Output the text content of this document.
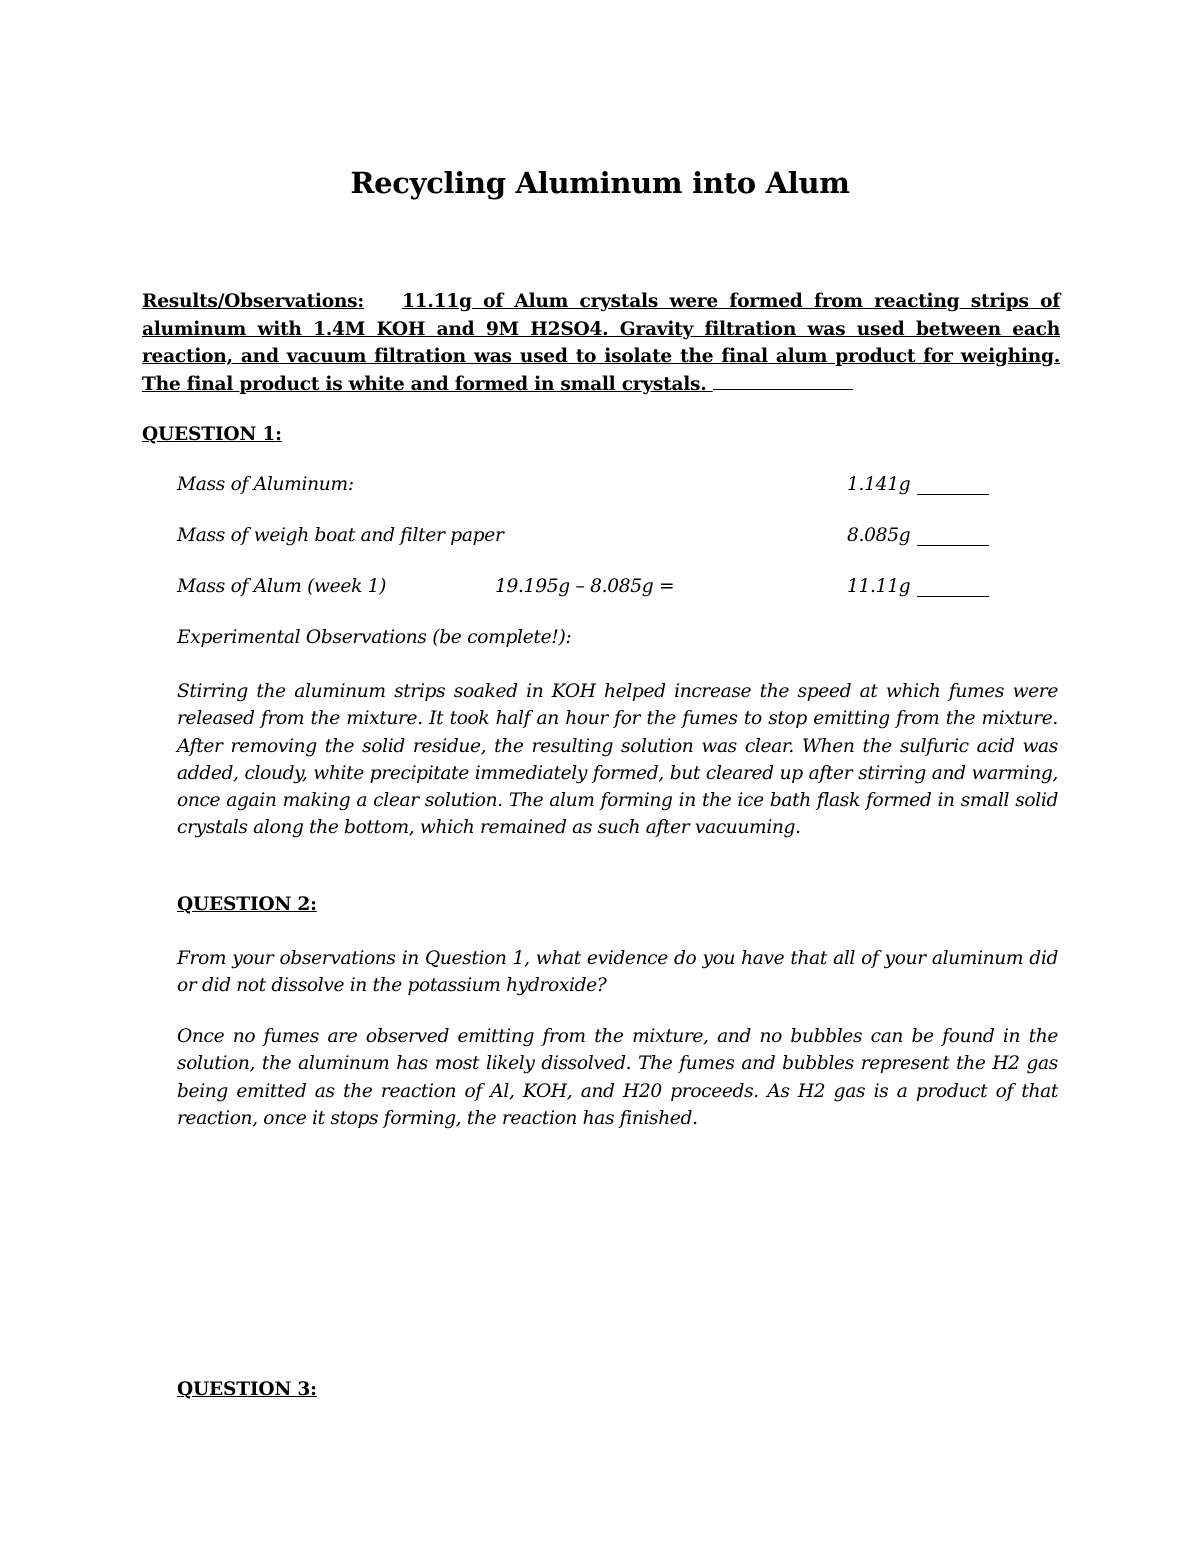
Recycling Aluminum into Alum
Results/Observations: 11.11g of Alum crystals were formed from reacting strips of aluminum with 1.4M KOH and 9M H2SO4. Gravity filtration was used between each reaction, and vacuum filtration was used to isolate the final alum product for weighing. The final product is white and formed in small crystals.
QUESTION 1:
Mass of Aluminum:	1.141g
Mass of weigh boat and filter paper	8.085g
Mass of Alum (week 1)	19.195g – 8.085g =	11.11g
Experimental Observations (be complete!):
Stirring the aluminum strips soaked in KOH helped increase the speed at which fumes were released from the mixture. It took half an hour for the fumes to stop emitting from the mixture. After removing the solid residue, the resulting solution was clear. When the sulfuric acid was added, cloudy, white precipitate immediately formed, but cleared up after stirring and warming, once again making a clear solution. The alum forming in the ice bath flask formed in small solid crystals along the bottom, which remained as such after vacuuming.
QUESTION 2:
From your observations in Question 1, what evidence do you have that all of your aluminum did or did not dissolve in the potassium hydroxide?
Once no fumes are observed emitting from the mixture, and no bubbles can be found in the solution, the aluminum has most likely dissolved. The fumes and bubbles represent the H2 gas being emitted as the reaction of Al, KOH, and H20 proceeds. As H2 gas is a product of that reaction, once it stops forming, the reaction has finished.
QUESTION 3:
